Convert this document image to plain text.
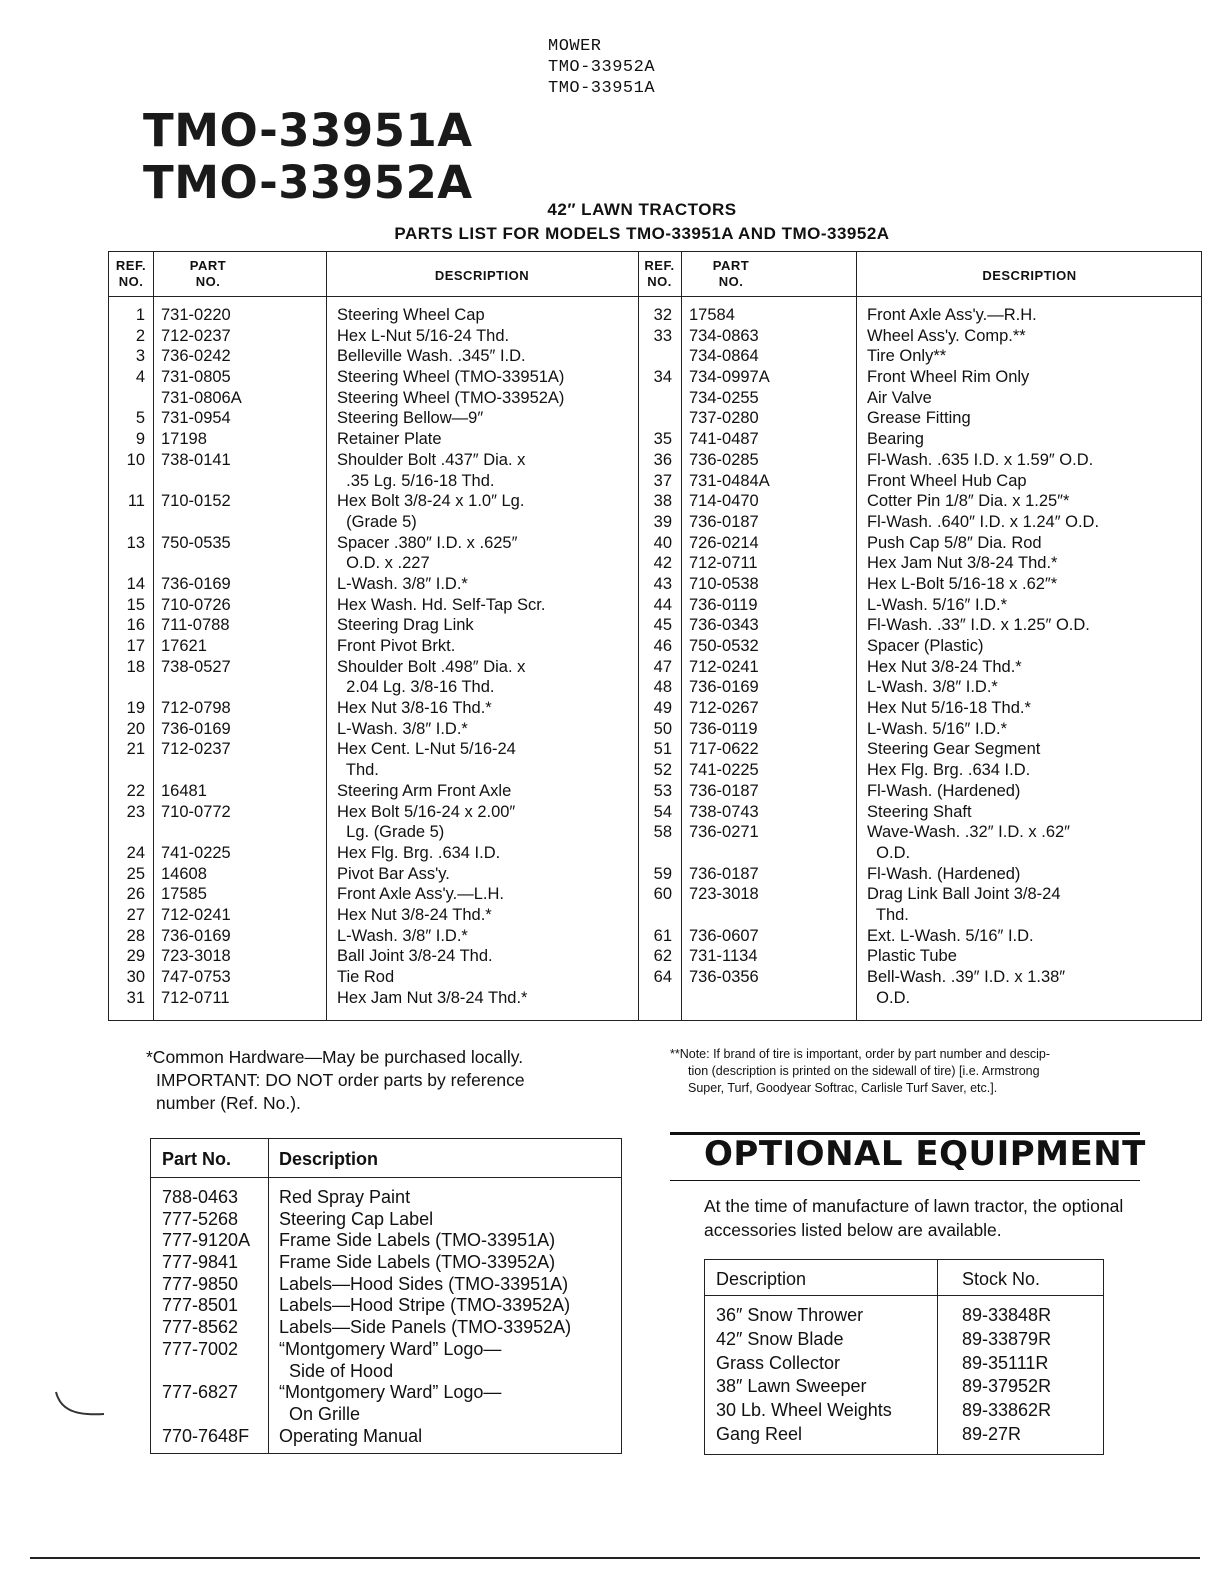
MOWER
TMO-33952A
TMO-33951A
TMO-33951A
TMO-33952A
42″ LAWN TRACTORS
PARTS LIST FOR MODELS TMO-33951A AND TMO-33952A
REF.
NO.
PART
NO.	DESCRIPTION
REF.
NO.
PART
NO.	DESCRIPTION
1 731-0220	Steering Wheel Cap
2 712-0237	Hex L-Nut 5/16-24 Thd.
3 736-0242	Belleville Wash. .345″ I.D.
4 731-0805	Steering Wheel (TMO-33951A)
731-0806A	Steering Wheel (TMO-33952A)
5 731-0954	Steering Bellow—9″
9 17198	Retainer Plate
10 738-0141	Shoulder Bolt .437″ Dia. x
.35 Lg. 5/16-18 Thd.
11 710-0152	Hex Bolt 3/8-24 x 1.0″ Lg.
(Grade 5)
13 750-0535	Spacer .380″ I.D. x .625″
O.D. x .227
14 736-0169	L-Wash. 3/8″ I.D.*
15 710-0726	Hex Wash. Hd. Self-Tap Scr.
16 711-0788	Steering Drag Link
17 17621	Front Pivot Brkt.
18 738-0527	Shoulder Bolt .498″ Dia. x
2.04 Lg. 3/8-16 Thd.
19 712-0798	Hex Nut 3/8-16 Thd.*
20 736-0169	L-Wash. 3/8″ I.D.*
21 712-0237	Hex Cent. L-Nut 5/16-24
Thd.
22 16481	Steering Arm Front Axle
23 710-0772	Hex Bolt 5/16-24 x 2.00″
Lg. (Grade 5)
24 741-0225	Hex Flg. Brg. .634 I.D.
25 14608	Pivot Bar Ass'y.
26 17585	Front Axle Ass'y.—L.H.
27 712-0241	Hex Nut 3/8-24 Thd.*
28 736-0169	L-Wash. 3/8″ I.D.*
29 723-3018	Ball Joint 3/8-24 Thd.
30 747-0753	Tie Rod
31 712-0711	Hex Jam Nut 3/8-24 Thd.*
32 17584	Front Axle Ass'y.—R.H.
33 734-0863	Wheel Ass'y. Comp.**
734-0864	Tire Only**
34 734-0997A	Front Wheel Rim Only
734-0255	Air Valve
737-0280	Grease Fitting
35 741-0487	Bearing
36 736-0285	Fl-Wash. .635 I.D. x 1.59″ O.D.
37 731-0484A	Front Wheel Hub Cap
38 714-0470	Cotter Pin 1/8″ Dia. x 1.25″*
39 736-0187	Fl-Wash. .640″ I.D. x 1.24″ O.D.
40 726-0214	Push Cap 5/8″ Dia. Rod
42 712-0711	Hex Jam Nut 3/8-24 Thd.*
43 710-0538	Hex L-Bolt 5/16-18 x .62″*
44 736-0119	L-Wash. 5/16″ I.D.*
45 736-0343	Fl-Wash. .33″ I.D. x 1.25″ O.D.
46 750-0532	Spacer (Plastic)
47 712-0241	Hex Nut 3/8-24 Thd.*
48 736-0169	L-Wash. 3/8″ I.D.*
49 712-0267	Hex Nut 5/16-18 Thd.*
50 736-0119	L-Wash. 5/16″ I.D.*
51 717-0622	Steering Gear Segment
52 741-0225	Hex Flg. Brg. .634 I.D.
53 736-0187	Fl-Wash. (Hardened)
54 738-0743	Steering Shaft
58 736-0271	Wave-Wash. .32″ I.D. x .62″
O.D.
59 736-0187	Fl-Wash. (Hardened)
60 723-3018	Drag Link Ball Joint 3/8-24
Thd.
61 736-0607	Ext. L-Wash. 5/16″ I.D.
62 731-1134	Plastic Tube
64 736-0356	Bell-Wash. .39″ I.D. x 1.38″
O.D.
*Common Hardware—May be purchased locally.
IMPORTANT: DO NOT order parts by reference
number (Ref. No.).
**Note: If brand of tire is important, order by part number and descip-
tion (description is printed on the sidewall of tire) [i.e. Armstrong
Super, Turf, Goodyear Softrac, Carlisle Turf Saver, etc.].
Part No.	Description
788-0463 Red Spray Paint
777-5268 Steering Cap Label
777-9120A Frame Side Labels (TMO-33951A)
777-9841 Frame Side Labels (TMO-33952A)
777-9850 Labels—Hood Sides (TMO-33951A)
777-8501 Labels—Hood Stripe (TMO-33952A)
777-8562 Labels—Side Panels (TMO-33952A)
777-7002 “Montgomery Ward” Logo—
Side of Hood
777-6827 “Montgomery Ward” Logo—
On Grille
770-7648F Operating Manual
OPTIONAL EQUIPMENT
At the time of manufacture of lawn tractor, the optional accessories listed below are available.
Description	Stock No.
36″ Snow Thrower	89-33848R
42″ Snow Blade	89-33879R
Grass Collector	89-35111R
38″ Lawn Sweeper	89-37952R
30 Lb. Wheel Weights	89-33862R
Gang Reel	89-27R
